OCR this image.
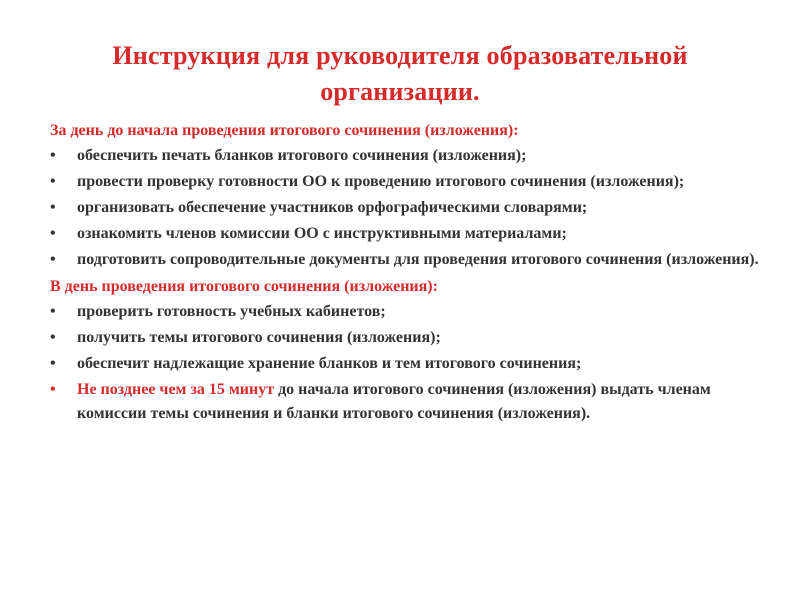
Инструкция для руководителя образовательной организации.

За день до начала проведения итогового сочинения (изложения):

•	обеспечить печать бланков итогового сочинения (изложения);
•	провести проверку готовности ОО к проведению итогового сочинения (изложения);
•	организовать обеспечение участников орфографическими словарями;
•	ознакомить членов комиссии ОО с инструктивными материалами;
•	подготовить сопроводительные документы для проведения итогового сочинения (изложения).

В день проведения итогового сочинения (изложения):

•	проверить готовность учебных кабинетов;
•	получить темы итогового сочинения (изложения);
•	обеспечит надлежащие хранение бланков и тем итогового сочинения;
•	Не позднее чем за 15 минут до начала итогового сочинения (изложения) выдать членам комиссии темы сочинения и бланки итогового сочинения (изложения).
